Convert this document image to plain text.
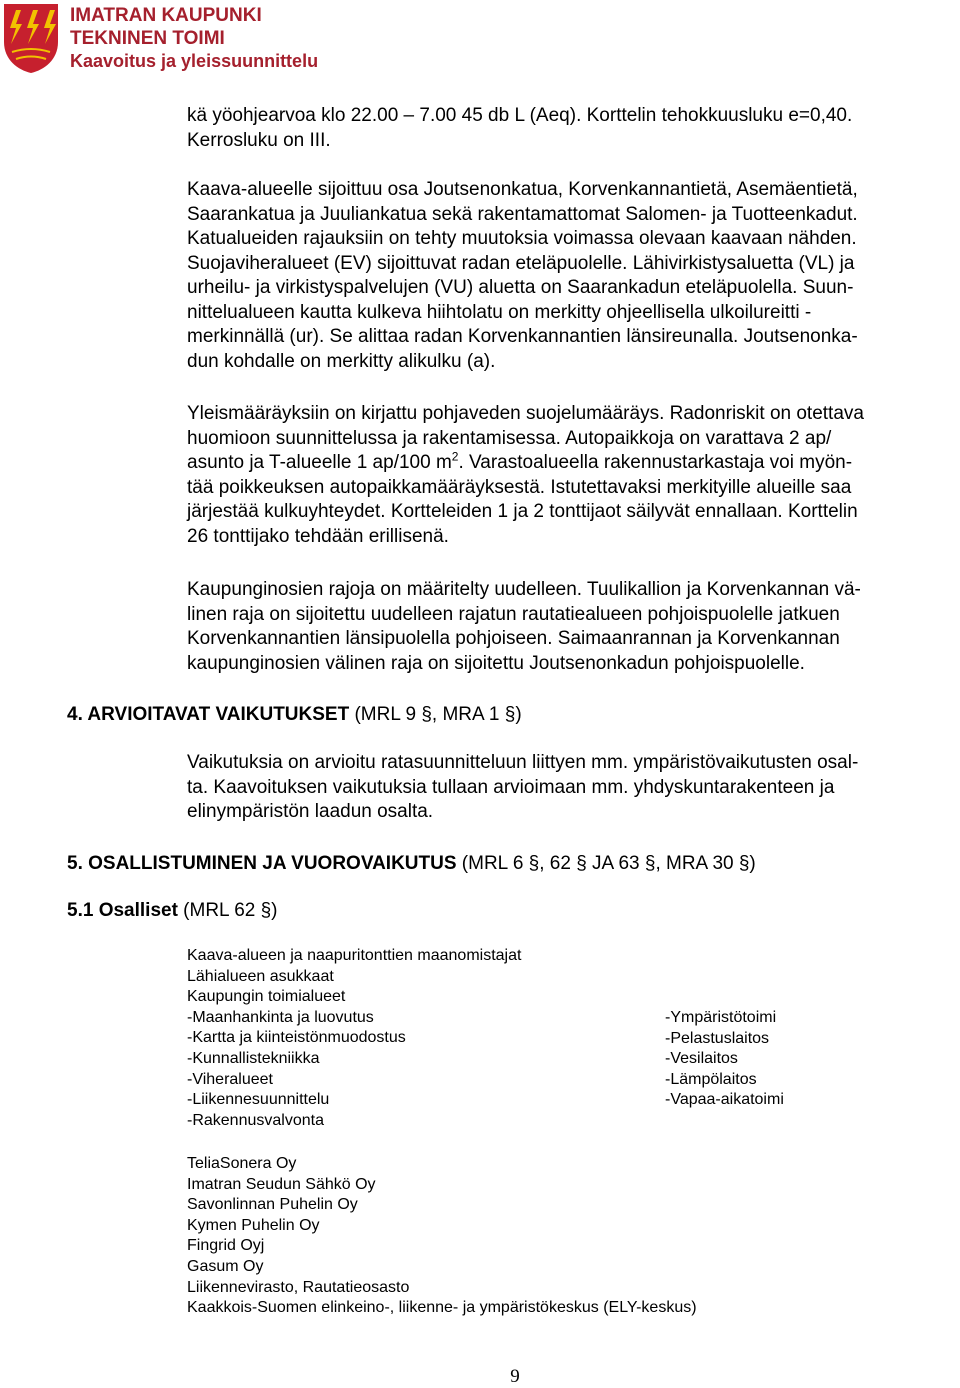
IMATRAN KAUPUNKI
TEKNINEN TOIMI
Kaavoitus ja yleissuunnittelu

kä yöohjearvoa klo 22.00 – 7.00 45 db L (Aeq). Korttelin tehokkuusluku e=0,40.
Kerrosluku on III.

Kaava-alueelle sijoittuu osa Joutsenonkatua, Korvenkannantietä, Asemäentietä,
Saarankatua ja Juuliankatua sekä rakentamattomat Salomen- ja Tuotteenkadut.
Katualueiden rajauksiin on tehty muutoksia voimassa olevaan kaavaan nähden.
Suojaviheralueet (EV) sijoittuvat radan eteläpuolelle. Lähivirkistysaluetta (VL) ja
urheilu- ja virkistyspalvelujen (VU) aluetta on Saarankadun eteläpuolella. Suun-
nittelualueen kautta kulkeva hiihtolatu on merkitty ohjeellisella ulkoilureitti -
merkinnällä (ur). Se alittaa radan Korvenkannantien länsireunalla. Joutsenonka-
dun kohdalle on merkitty alikulku (a).

Yleismääräyksiin on kirjattu pohjaveden suojelumääräys. Radonriskit on otettava
huomioon suunnittelussa ja rakentamisessa. Autopaikkoja on varattava 2 ap/
asunto ja T-alueelle 1 ap/100 $m^2$. Varastoalueella rakennustarkastaja voi myön-
tää poikkeuksen autopaikkamääräyksestä. Istutettavaksi merkityille alueille saa
järjestää kulkuyhteydet. Kortteleiden 1 ja 2 tonttijaot säilyvät ennallaan. Korttelin
26 tonttijako tehdään erillisenä.

Kaupunginosien rajoja on määritelty uudelleen. Tuulikallion ja Korvenkannan vä-
linen raja on sijoitettu uudelleen rajatun rautatiealueen pohjoispuolelle jatkuen
Korvenkannantien länsipuolella pohjoiseen. Saimaanrannan ja Korvenkannan
kaupunginosien välinen raja on sijoitettu Joutsenonkadun pohjoispuolelle.

4. ARVIOITAVAT VAIKUTUKSET (MRL 9 §, MRA 1 §)

Vaikutuksia on arvioitu ratasuunnitteluun liittyen mm. ympäristövaikutusten osal-
ta. Kaavoituksen vaikutuksia tullaan arvioimaan mm. yhdyskuntarakenteen ja
elinympäristön laadun osalta.

5. OSALLISTUMINEN JA VUOROVAIKUTUS (MRL 6 §, 62 § JA 63 §, MRA 30 §)
5.1 Osalliset (MRL 62 §)
Kaava-alueen ja naapuritonttien maanomistajat
Lähialueen asukkaat
Kaupungin toimialueet
-Maanhankinta ja luovutus
-Kartta ja kiinteistönmuodostus
-Kunnallistekniikka
-Viheralueet
-Liikennesuunnittelu
-Rakennusvalvonta
-Ympäristötoimi
-Pelastuslaitos
-Vesilaitos
-Lämpölaitos
-Vapaa-aikatoimi
TeliaSonera Oy
Imatran Seudun Sähkö Oy
Savonlinnan Puhelin Oy
Kymen Puhelin Oy
Fingrid Oyj
Gasum Oy
Liikennevirasto, Rautatieosasto
Kaakkois-Suomen elinkeino-, liikenne- ja ympäristökeskus (ELY-keskus)
9
